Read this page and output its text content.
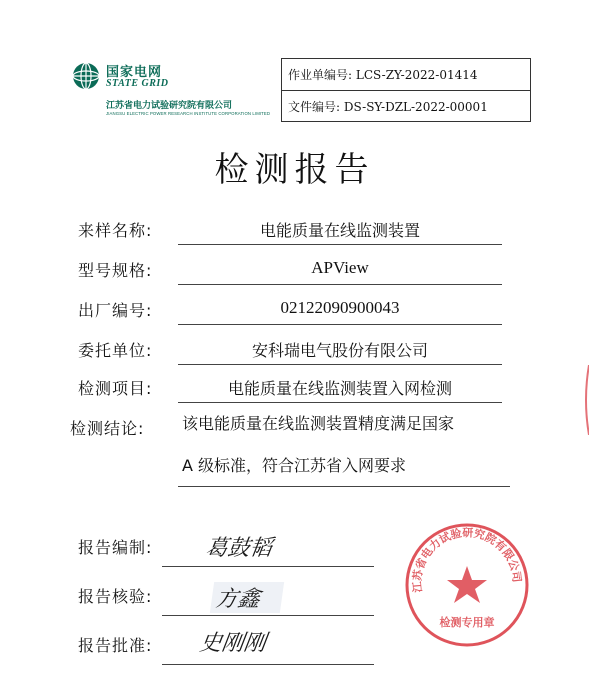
国家电网
STATE GRID
江苏省电力试验研究院有限公司
JIANGSU ELECTRIC POWER RESEARCH INSTITUTE CORPORATION LIMITED
作业单编号: LCS-ZY-2022-01414
文件编号: DS-SY-DZL-2022-00001
检测报告
来样名称:	电能质量在线监测装置
型号规格:	APView
出厂编号:	02122090900043
委托单位:	安科瑞电气股份有限公司
检测项目:	电能质量在线监测装置入网检测
检测结论:	该电能质量在线监测装置精度满足国家
A 级标准，符合江苏省入网要求
报告编制: 葛鼓韬
报告核验:	方鑫
报告批准: 史刚刚
江苏省电力试验研究院有限公司
检测专用章
